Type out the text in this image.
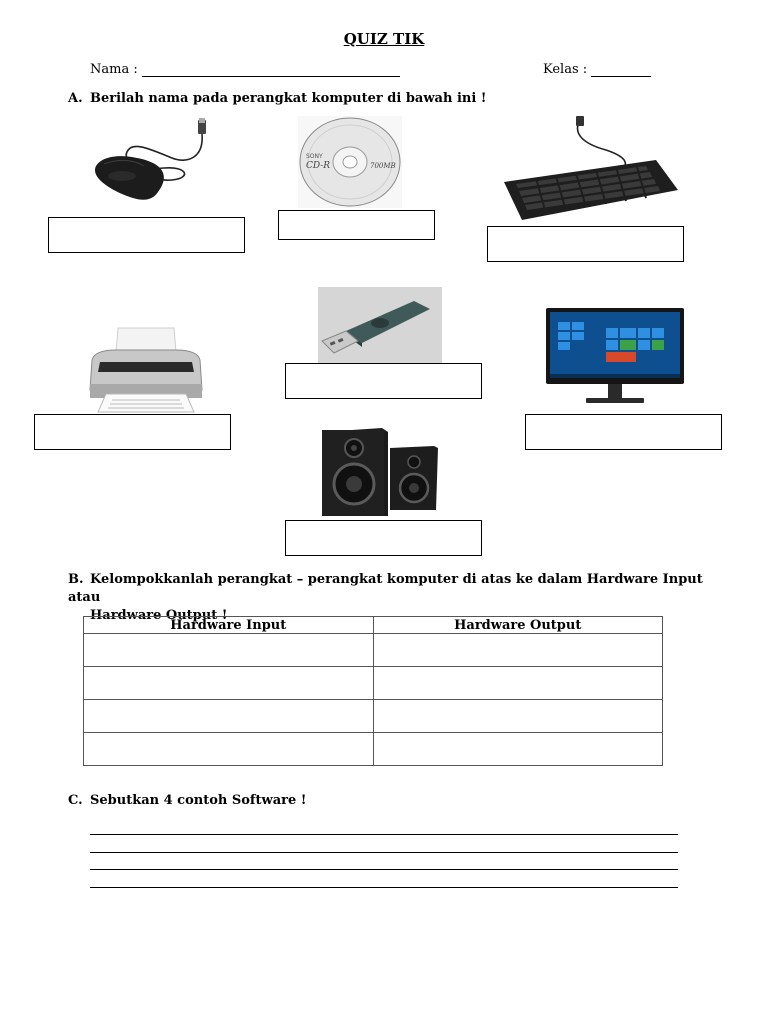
QUIZ TIK
Nama :	Kelas :
A. Berilah nama pada perangkat komputer di bawah ini !
SONY
CD-R	700MB
B. Kelompokkanlah perangkat – perangkat komputer di atas ke dalam Hardware Input atau
Hardware Output !
Hardware Input	Hardware Output

C. Sebutkan 4 contoh Software !
